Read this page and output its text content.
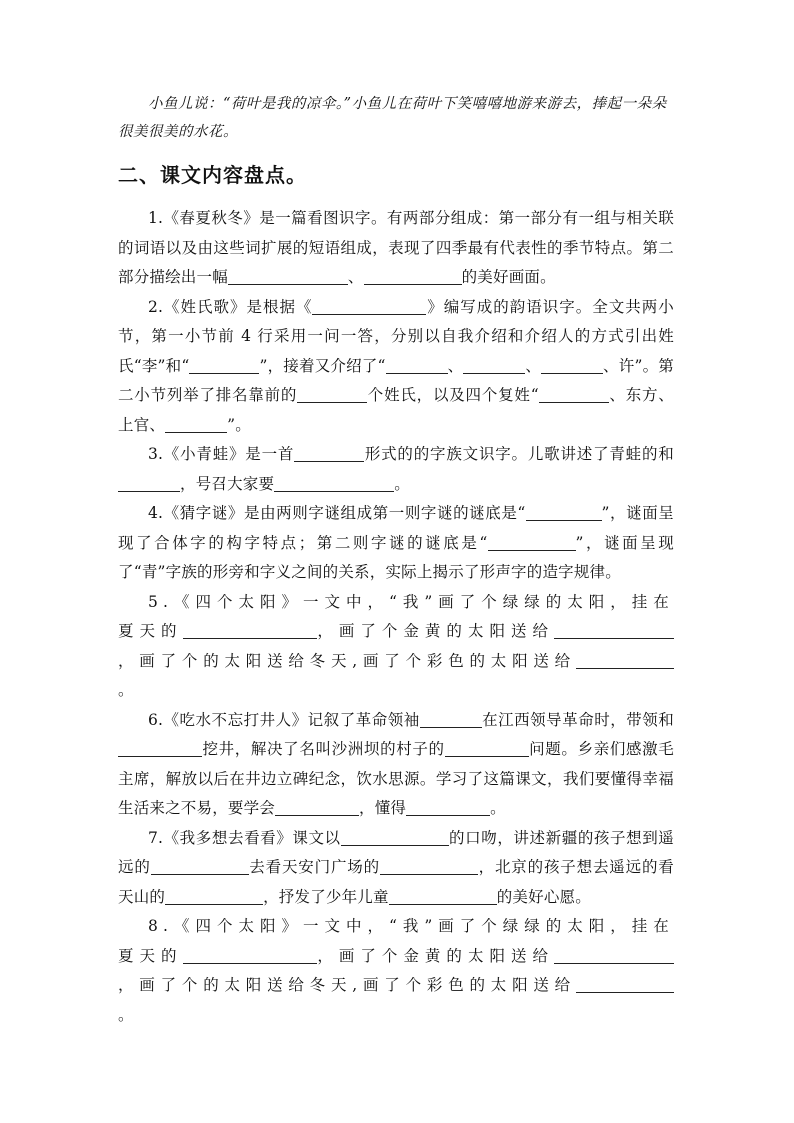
小鱼儿说：“荷叶是我的凉伞。”小鱼儿在荷叶下笑嘻嘻地游来游去，捧起一朵朵很美很美的水花。

二、课文内容盘点。

1.《春夏秋冬》是一篇看图识字。有两部分组成：第一部分有一组与相关联的词语以及由这些词扩展的短语组成，表现了四季最有代表性的季节特点。第二部分描绘出一幅	、	的美好画面。

2.《姓氏歌》是根据《	》编写成的韵语识字。全文共两小节，第一小节前 4 行采用一问一答，分别以自我介绍和介绍人的方式引出姓氏“李”和“	”，接着又介绍了“	、	、	、许”。第二小节列举了排名靠前的	个姓氏，以及四个复姓“	、东方、上官、	”。

3.《小青蛙》是一首	形式的的字族文识字。儿歌讲述了青蛙的和，号召大家要	。

4.《猜字谜》是由两则字谜组成第一则字谜的谜底是“	”，谜面呈现了合体字的构字特点；第二则字谜的谜底是“	”，谜面呈现了“青”字族的形旁和字义之间的关系，实际上揭示了形声字的造字规律。

5.《四个太阳》一文中，“我”画了个绿绿的太阳，挂在夏天的	，画了个金黄的太阳送给，画了个的太阳送给冬天,画了个彩色的太阳送给。

6.《吃水不忘打井人》记叙了革命领袖	在江西领导革命时，带领和挖井，解决了名叫沙洲坝的村子的	问题。乡亲们感激毛主席，解放以后在井边立碑纪念，饮水思源。学习了这篇课文，我们要懂得幸福生活来之不易，要学会	，懂得	。

7.《我多想去看看》课文以	的口吻，讲述新疆的孩子想到遥远的	去看天安门广场的	，北京的孩子想去遥远的看天山的	，抒发了少年儿童	的美好心愿。

8.《四个太阳》一文中，“我”画了个绿绿的太阳，挂在夏天的	，画了个金黄的太阳送给，画了个的太阳送给冬天,画了个彩色的太阳送给。
